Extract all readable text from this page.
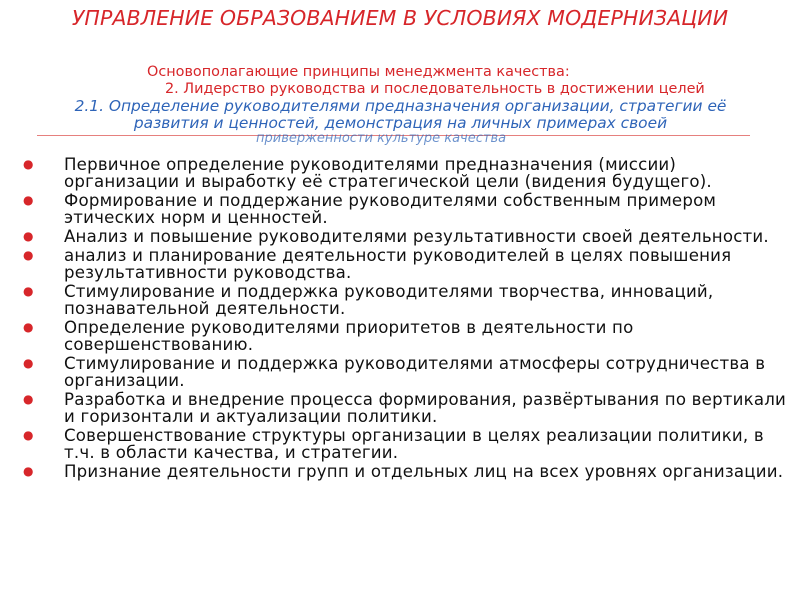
УПРАВЛЕНИЕ ОБРАЗОВАНИЕМ В УСЛОВИЯХ МОДЕРНИЗАЦИИ
Основополагающие принципы менеджмента качества:
2. Лидерство руководства и последовательность в достижении целей
2.1. Определение руководителями предназначения организации, стратегии её
развития и ценностей, демонстрация на личных примерах своей
приверженности культуре качества
● Первичное определение руководителями предназначения (миссии) организации и выработку её стратегической цели (видения будущего).
● Формирование и поддержание руководителями собственным примером этических норм и ценностей.
● Анализ и повышение руководителями результативности своей деятельности.
● анализ и планирование деятельности руководителей в целях повышения результативности руководства.
● Стимулирование и поддержка руководителями творчества, инноваций, познавательной деятельности.
● Определение руководителями приоритетов в деятельности по совершенствованию.
● Стимулирование и поддержка руководителями атмосферы сотрудничества в организации.
● Разработка и внедрение процесса формирования, развёртывания по вертикали и горизонтали и актуализации политики.
● Совершенствование структуры организации в целях реализации политики, в т.ч. в области качества, и стратегии.
● Признание деятельности групп и отдельных лиц на всех уровнях организации.
